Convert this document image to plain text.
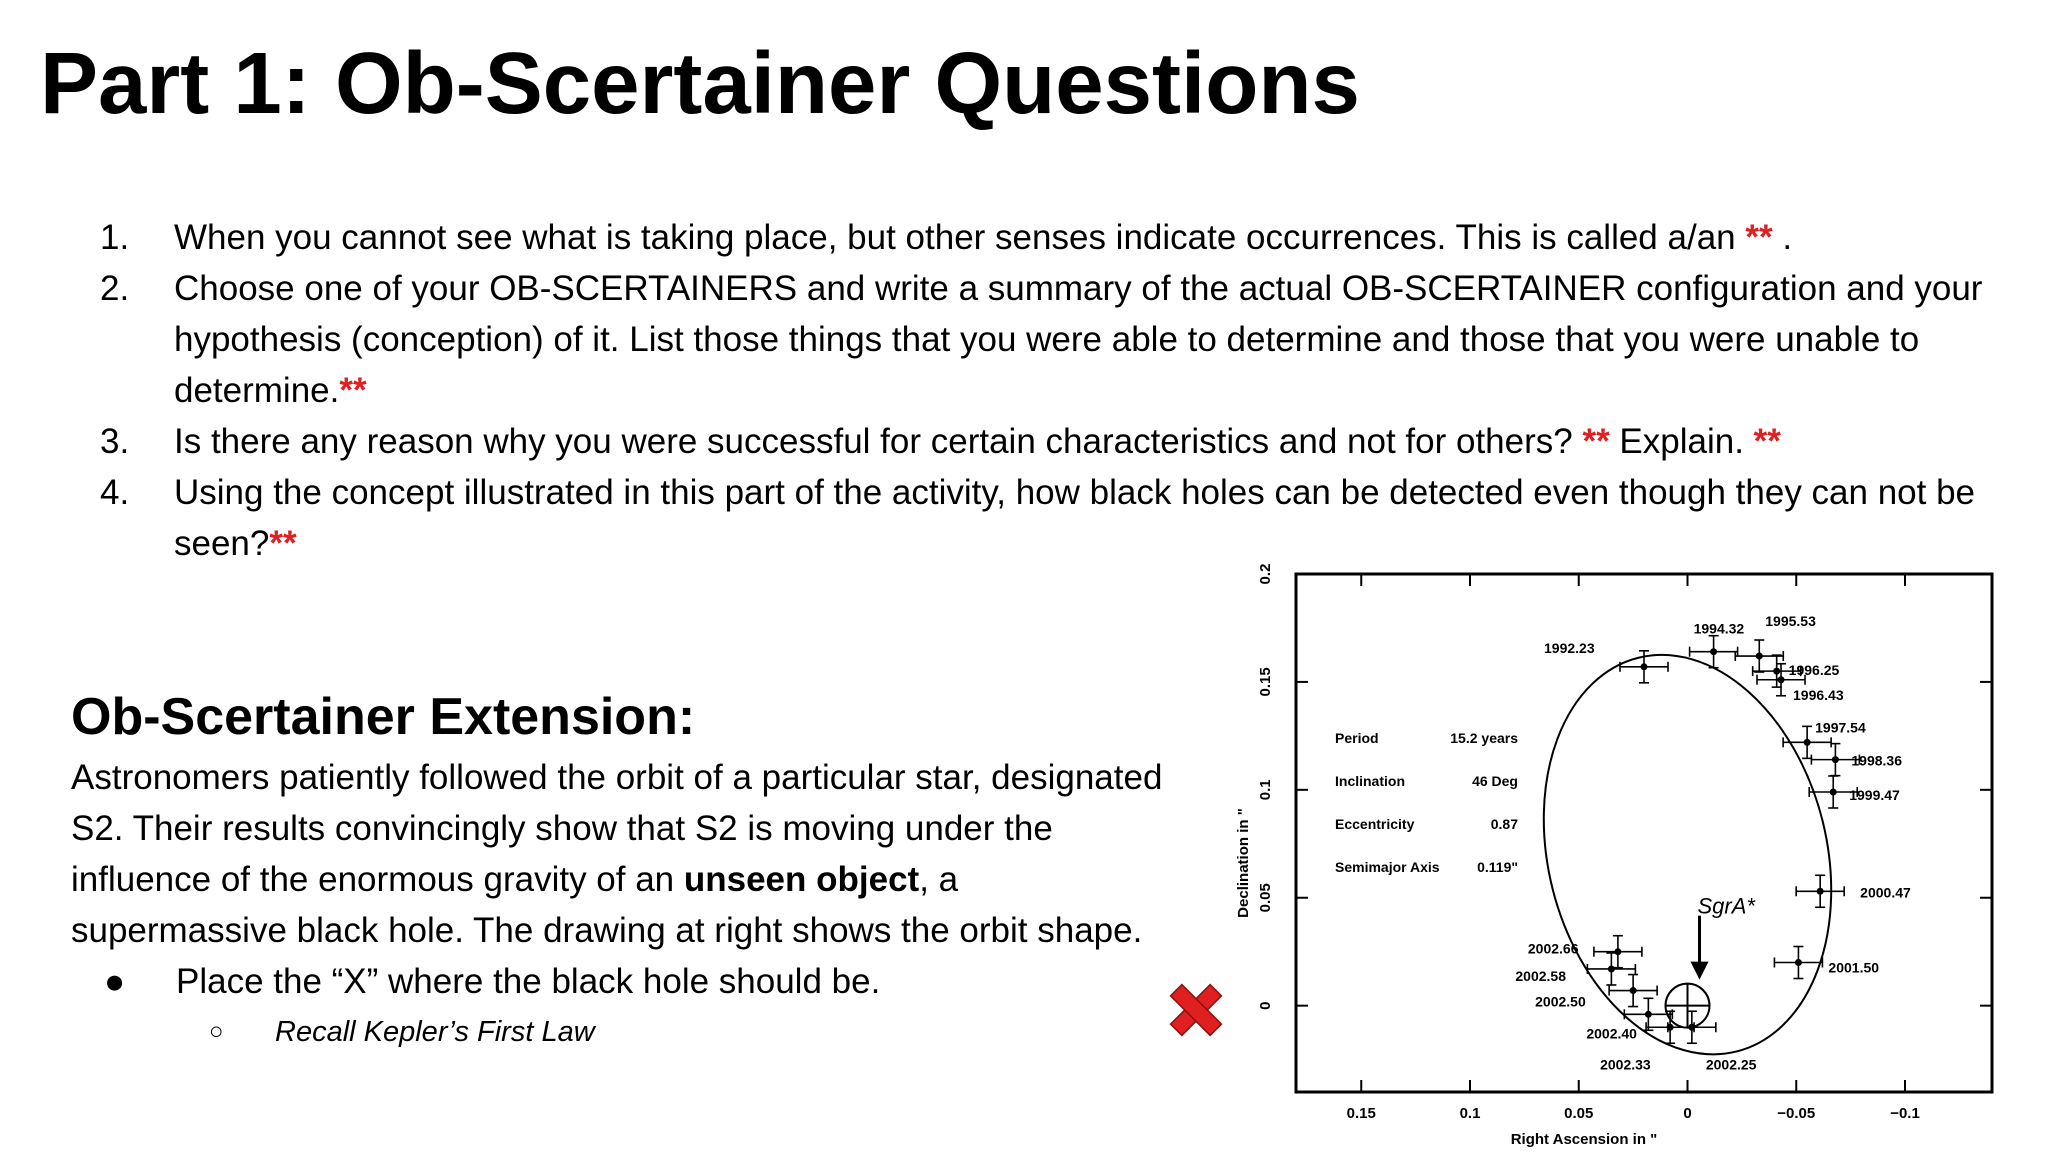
Part 1: Ob-Scertainer Questions
1.	When you cannot see what is taking place, but other senses indicate occurrences. This is called a/an ** .
2.	Choose one of your OB-SCERTAINERS and write a summary of the actual OB-SCERTAINER configuration and your hypothesis (conception) of it. List those things that you were able to determine and those that you were unable to determine.**
3.	Is there any reason why you were successful for certain characteristics and not for others? ** Explain. **
4.	Using the concept illustrated in this part of the activity, how black holes can be detected even though they can not be seen?**
Ob-Scertainer Extension:

Astronomers patiently followed the orbit of a particular star, designated S2. Their results convincingly show that S2 is moving under the influence of the enormous gravity of an unseen object, a supermassive black hole. The drawing at right shows the orbit shape.

●	Place the “X” where the black hole should be.
○	Recall Kepler’s First Law
0.15	0.1	0.05	0	−0.05	−0.1
0
0.05
0.1
0.15
0.2
Right Ascension in "
Declination in "
1992.23
1994.32 1995.53
1996.25
1996.43
1997.54
1998.36
1999.47
2000.47
2001.50
2002.66
2002.58
2002.50
2002.40
2002.33	2002.25
SgrA*
Period	15.2 years
Inclination	46 Deg
Eccentricity	0.87
Semimajor Axis	0.119"
